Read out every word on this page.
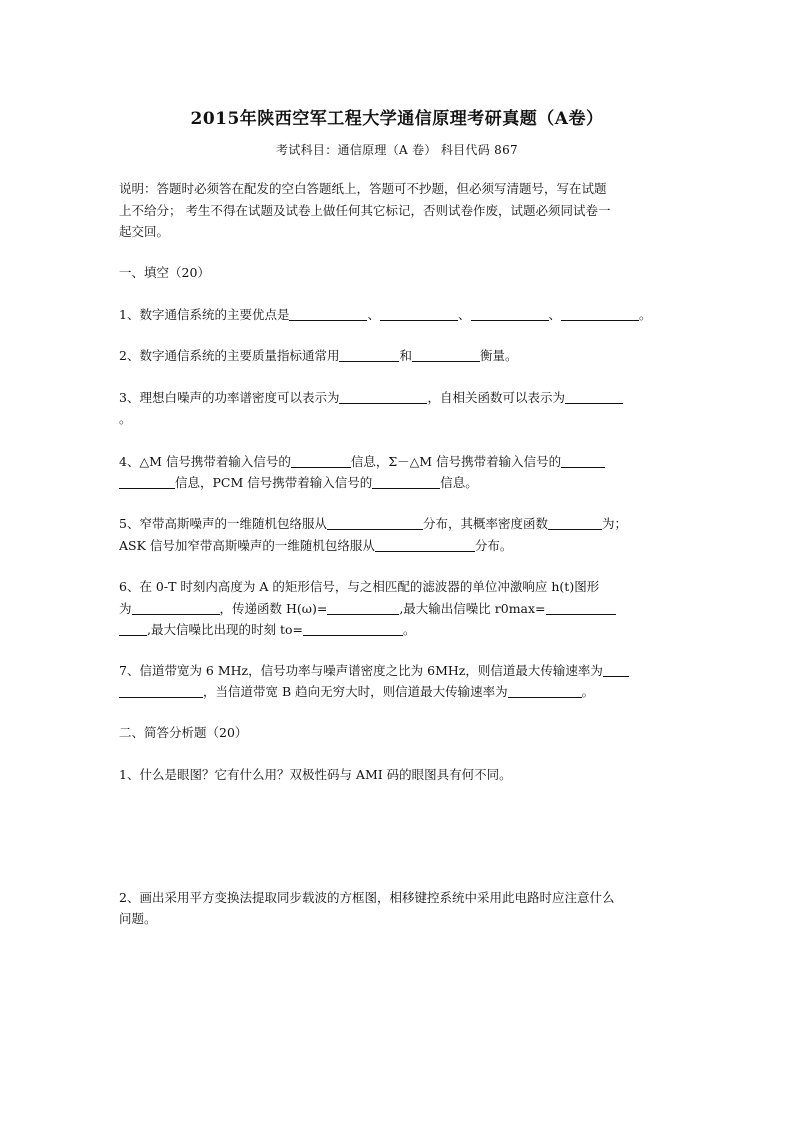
2015年陕西空军工程大学通信原理考研真题（A卷）
考试科目：通信原理（A 卷） 科目代码 867
说明：答题时必须答在配发的空白答题纸上，答题可不抄题，但必须写清题号，写在试题
上不给分； 考生不得在试题及试卷上做任何其它标记，否则试卷作废，试题必须同试卷一
起交回。
一、填空（20）
1、数字通信系统的主要优点是	、	、	、	。
2、数字通信系统的主要质量指标通常用	和	衡量。
3、理想白噪声的功率谱密度可以表示为	，自相关函数可以表示为
。
4、△M 信号携带着输入信号的	信息，Σ－△M 信号携带着输入信号的
信息，PCM 信号携带着输入信号的	信息。
5、窄带高斯噪声的一维随机包络服从	分布，其概率密度函数	为；
ASK 信号加窄带高斯噪声的一维随机包络服从	分布。
6、在 0-T 时刻内高度为 A 的矩形信号，与之相匹配的滤波器的单位冲激响应 h(t)图形
为	，传递函数 H(ω)=	,最大输出信噪比 r0max=
,最大信噪比出现的时刻 to=	。
7、信道带宽为 6 MHz，信号功率与噪声谱密度之比为 6MHz，则信道最大传输速率为
，当信道带宽 B 趋向无穷大时，则信道最大传输速率为	。
二、简答分析题（20）
1、什么是眼图？它有什么用？双极性码与 AMI 码的眼图具有何不同。
2、画出采用平方变换法提取同步载波的方框图，相移键控系统中采用此电路时应注意什么
问题。
